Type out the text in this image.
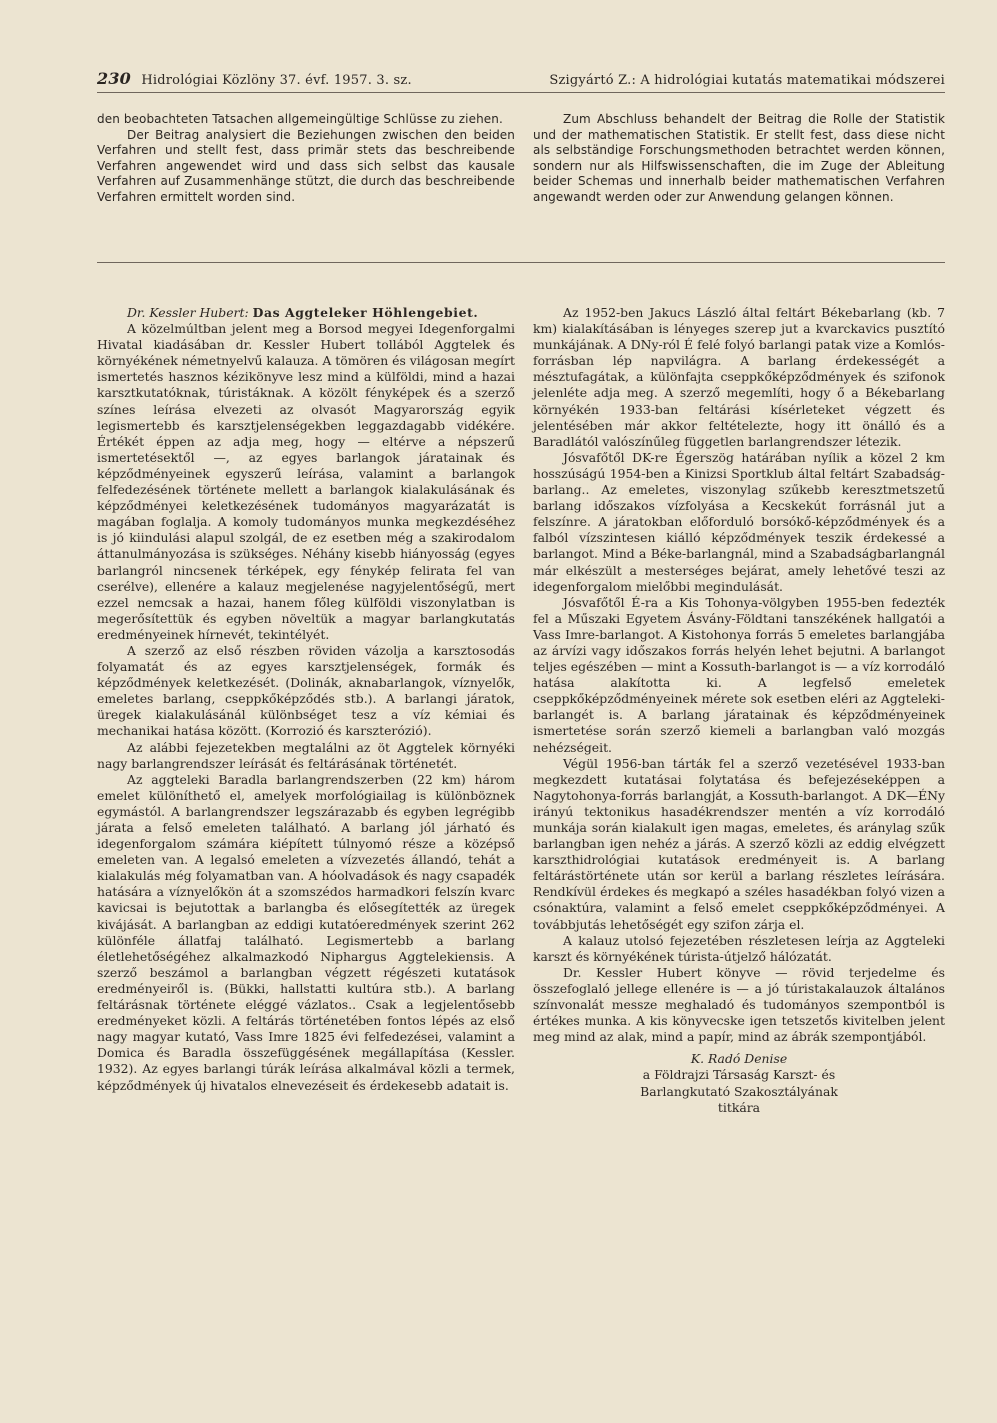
230 Hidrológiai Közlöny 37. évf. 1957. 3. sz.	Szigyártó Z.: A hidrológiai kutatás matematikai módszerei

den beobachteten Tatsachen allgemeingültige Schlüsse zu ziehen.

Der Beitrag analysiert die Beziehungen zwischen den beiden Verfahren und stellt fest, dass primär stets das beschreibende Verfahren angewendet wird und dass sich selbst das kausale Verfahren auf Zusammenhänge stützt, die durch das beschreibende Verfahren ermittelt worden sind.

Zum Abschluss behandelt der Beitrag die Rolle der Statistik und der mathematischen Statistik. Er stellt fest, dass diese nicht als selbständige Forschungsmethoden betrachtet werden können, sondern nur als Hilfswissenschaften, die im Zuge der Ableitung beider Schemas und innerhalb beider mathematischen Verfahren angewandt werden oder zur Anwendung gelangen können.

Dr. Kessler Hubert: Das Aggteleker Höhlengebiet.

A közelmúltban jelent meg a Borsod megyei Idegenforgalmi Hivatal kiadásában dr. Kessler Hubert tollából Aggtelek és környékének németnyelvű kalauza. A tömören és világosan megírt ismertetés hasznos kézikönyve lesz mind a külföldi, mind a hazai karsztkutatóknak, túristáknak. A közölt fényképek és a szerző színes leírása elvezeti az olvasót Magyarország egyik legismertebb és karsztjelenségekben leggazdagabb vidékére. Értékét éppen az adja meg, hogy — eltérve a népszerű ismertetésektől —, az egyes barlangok járatainak és képződményeinek egyszerű leírása, valamint a barlangok felfedezésének története mellett a barlangok kialakulásának és képződményei keletkezésének tudományos magyarázatát is magában foglalja. A komoly tudományos munka megkezdéséhez is jó kiindulási alapul szolgál, de ez esetben még a szakirodalom áttanulmányozása is szükséges. Néhány kisebb hiányosság (egyes barlangról nincsenek térképek, egy fénykép felirata fel van cserélve), ellenére a kalauz megjelenése nagyjelentőségű, mert ezzel nemcsak a hazai, hanem főleg külföldi viszonylatban is megerősítettük és egyben növeltük a magyar barlangkutatás eredményeinek hírnevét, tekintélyét.

A szerző az első részben röviden vázolja a karsztosodás folyamatát és az egyes karsztjelenségek, formák és képződmények keletkezését. (Dolinák, aknabarlangok, víznyelők, emeletes barlang, cseppkőképződés stb.). A barlangi járatok, üregek kialakulásánál különbséget tesz a víz kémiai és mechanikai hatása között. (Korrozió és karszterózió).

Az alábbi fejezetekben megtalálni az öt Aggtelek környéki nagy barlangrendszer leírását és feltárásának történetét.

Az aggteleki Baradla barlangrendszerben (22 km) három emelet különíthető el, amelyek morfológiailag is különböznek egymástól. A barlangrendszer legszárazabb és egyben legrégibb járata a felső emeleten található. A barlang jól járható és idegenforgalom számára kiépített túlnyomó része a középső emeleten van. A legalsó emeleten a vízvezetés állandó, tehát a kialakulás még folyamatban van. A hóolvadások és nagy csapadék hatására a víznyelőkön át a szomszédos harmadkori felszín kvarc kavicsai is bejutottak a barlangba és elősegítették az üregek kivájását. A barlangban az eddigi kutatóeredmények szerint 262 különféle állatfaj található. Legismertebb a barlang életlehetőségéhez alkalmazkodó Niphargus Aggtelekiensis. A szerző beszámol a barlangban végzett régészeti kutatások eredményeiről is. (Bükki, hallstatti kultúra stb.). A barlang feltárásnak története eléggé vázlatos.. Csak a legjelentősebb eredményeket közli. A feltárás történetében fontos lépés az első nagy magyar kutató, Vass Imre 1825 évi felfedezései, valamint a Domica és Baradla összefüggésének megállapítása (Kessler. 1932). Az egyes barlangi túrák leírása alkalmával közli a termek, képződmények új hivatalos elnevezéseit és érdekesebb adatait is.

Az 1952-ben Jakucs László által feltárt Békebarlang (kb. 7 km) kialakításában is lényeges szerep jut a kvarckavics pusztító munkájának. A DNy-ról É felé folyó barlangi patak vize a Komlós-forrásban lép napvilágra. A barlang érdekességét a mésztufagátak, a különfajta cseppkőképződmények és szifonok jelenléte adja meg. A szerző megemlíti, hogy ő a Békebarlang környékén 1933-ban feltárási kísérleteket végzett és jelentésében már akkor feltételezte, hogy itt önálló és a Baradlától valószínűleg független barlangrendszer létezik.

Jósvafőtől DK-re Égerszög határában nyílik a közel 2 km hosszúságú 1954-ben a Kinizsi Sportklub által feltárt Szabadság-barlang.. Az emeletes, viszonylag szűkebb keresztmetszetű barlang időszakos vízfolyása a Kecskekút forrásnál jut a felszínre. A járatokban előforduló borsókő-képződmények és a falból vízszintesen kiálló képződmények teszik érdekessé a barlangot. Mind a Béke-barlangnál, mind a Szabadságbarlangnál már elkészült a mesterséges bejárat, amely lehetővé teszi az idegenforgalom mielőbbi megindulását.

Jósvafőtől É-ra a Kis Tohonya-völgyben 1955-ben fedezték fel a Műszaki Egyetem Ásvány-Földtani tanszékének hallgatói a Vass Imre-barlangot. A Kistohonya forrás 5 emeletes barlangjába az árvízi vagy időszakos forrás helyén lehet bejutni. A barlangot teljes egészében — mint a Kossuth-barlangot is — a víz korrodáló hatása alakította ki. A legfelső emeletek cseppkőképződményeinek mérete sok esetben eléri az Aggteleki-barlangét is. A barlang járatainak és képződményeinek ismertetése során szerző kiemeli a barlangban való mozgás nehézségeit.

Végül 1956-ban tárták fel a szerző vezetésével 1933-ban megkezdett kutatásai folytatása és befejezéseképpen a Nagytohonya-forrás barlangját, a Kossuth-barlangot. A DK—ÉNy irányú tektonikus hasadékrendszer mentén a víz korrodáló munkája során kialakult igen magas, emeletes, és aránylag szűk barlangban igen nehéz a járás. A szerző közli az eddig elvégzett karszthidrológiai kutatások eredményeit is. A barlang feltárástörténete után sor kerül a barlang részletes leírására. Rendkívül érdekes és megkapó a széles hasadékban folyó vizen a csónaktúra, valamint a felső emelet cseppkőképződményei. A továbbjutás lehetőségét egy szifon zárja el.

A kalauz utolsó fejezetében részletesen leírja az Aggteleki karszt és környékének túrista-útjelző hálózatát.

Dr. Kessler Hubert könyve — rövid terjedelme és összefoglaló jellege ellenére is — a jó túristakalauzok általános színvonalát messze meghaladó és tudományos szempontból is értékes munka. A kis könyvecske igen tetszetős kivitelben jelent meg mind az alak, mind a papír, mind az ábrák szempontjából.

K. Radó Denise
a Földrajzi Társaság Karszt- és
Barlangkutató Szakosztályának
titkára
